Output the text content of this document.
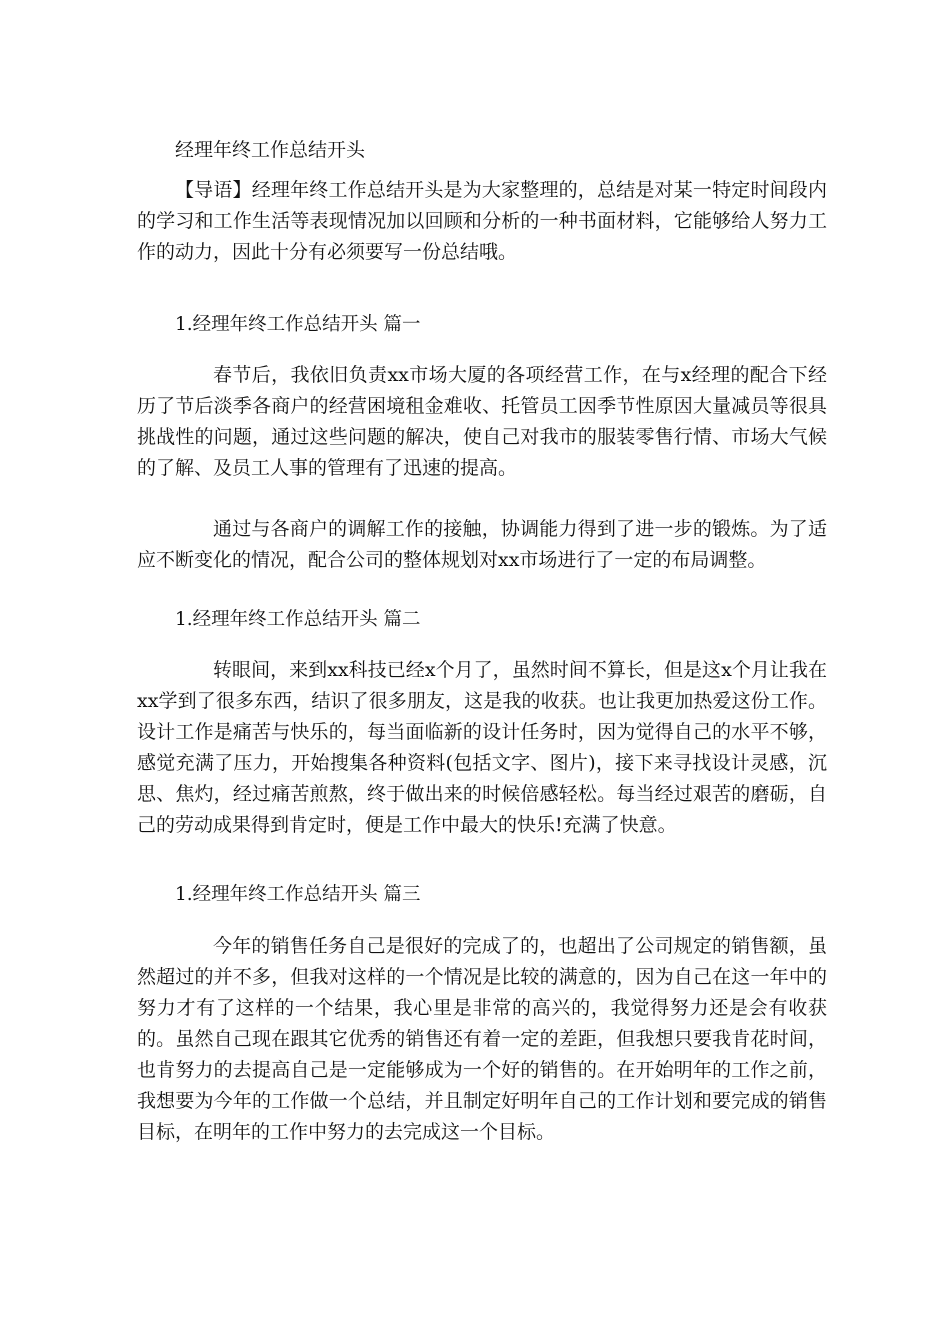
经理年终工作总结开头

【导语】经理年终工作总结开头是为大家整理的，总结是对某一特定时间段内的学习和工作生活等表现情况加以回顾和分析的一种书面材料，它能够给人努力工作的动力，因此十分有必须要写一份总结哦。

1.经理年终工作总结开头 篇一

春节后，我依旧负责xx市场大厦的各项经营工作，在与x经理的配合下经历了节后淡季各商户的经营困境租金难收、托管员工因季节性原因大量减员等很具挑战性的问题，通过这些问题的解决，使自己对我市的服装零售行情、市场大气候的了解、及员工人事的管理有了迅速的提高。

通过与各商户的调解工作的接触，协调能力得到了进一步的锻炼。为了适应不断变化的情况，配合公司的整体规划对xx市场进行了一定的布局调整。

1.经理年终工作总结开头 篇二

转眼间，来到xx科技已经x个月了，虽然时间不算长，但是这x个月让我在xx学到了很多东西，结识了很多朋友，这是我的收获。也让我更加热爱这份工作。设计工作是痛苦与快乐的，每当面临新的设计任务时，因为觉得自己的水平不够，感觉充满了压力，开始搜集各种资料(包括文字、图片)，接下来寻找设计灵感，沉思、焦灼，经过痛苦煎熬，终于做出来的时候倍感轻松。每当经过艰苦的磨砺，自己的劳动成果得到肯定时，便是工作中最大的快乐!充满了快意。

1.经理年终工作总结开头 篇三

今年的销售任务自己是很好的完成了的，也超出了公司规定的销售额，虽然超过的并不多，但我对这样的一个情况是比较的满意的，因为自己在这一年中的努力才有了这样的一个结果，我心里是非常的高兴的，我觉得努力还是会有收获的。虽然自己现在跟其它优秀的销售还有着一定的差距，但我想只要我肯花时间，也肯努力的去提高自己是一定能够成为一个好的销售的。在开始明年的工作之前，我想要为今年的工作做一个总结，并且制定好明年自己的工作计划和要完成的销售目标，在明年的工作中努力的去完成这一个目标。
